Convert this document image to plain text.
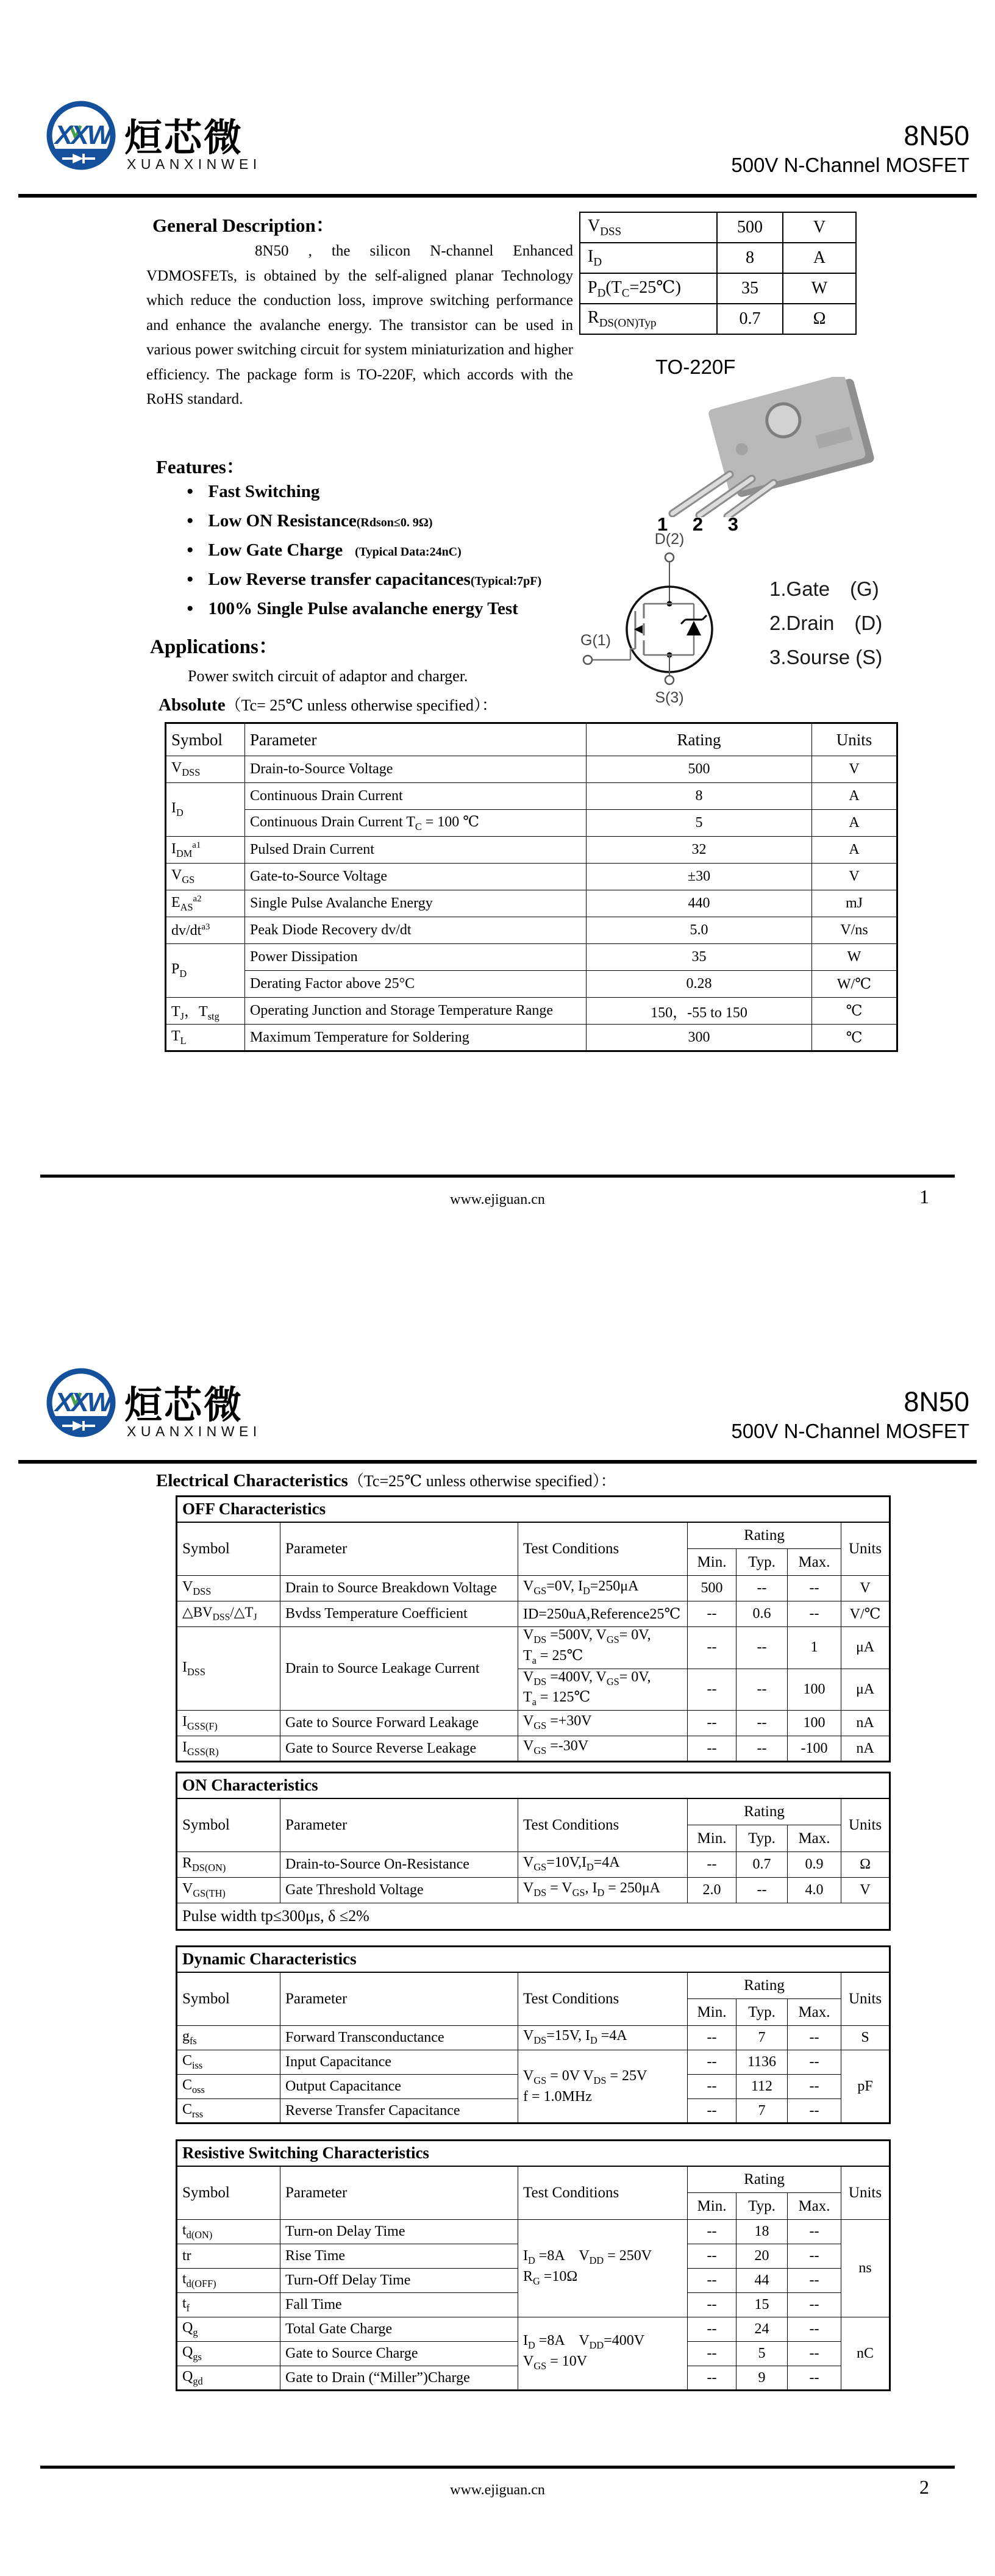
XXW 烜芯微
XUANXINWEI
8N50
500V N-Channel MOSFET
General Description：
8N50 , the silicon N-channel Enhanced VDMOSFETs, is obtained by the self-aligned planar Technology which reduce the conduction loss, improve switching performance and enhance the avalanche energy. The transistor can be used in various power switching circuit for system miniaturization and higher efficiency. The package form is TO-220F, which accords with the RoHS standard.
Features：
● Fast Switching
● Low ON Resistance(Rdson≤0. 9Ω)
● Low Gate Charge　(Typical Data:24nC)
● Low Reverse transfer capacitances(Typical:7pF)
● 100% Single Pulse avalanche energy Test
Applications：
Power switch circuit of adaptor and charger.
$V_{DSS}$	500	V
$I_D$	8	A
$P_D(T_C=25℃)$	35	W
$R_{DS(ON)Typ}$	0.7	Ω
TO-220F
1 2 3
D(2)
G(1)
S(3)
1.Gate　(G)
2.Drain　(D)
3.Sourse (S)
Absolute（Tc= 25℃ unless otherwise specified）：
Symbol	Parameter	Rating	Units
$V_{DSS}$	Drain-to-Source Voltage	500	V
$I_D$	Continuous Drain Current	8	A
	Continuous Drain Current $T_C = 100$ ℃	5	A
$I_{DM}^{a1}$	Pulsed Drain Current	32	A
$V_{GS}$	Gate-to-Source Voltage	±30	V
$E_{AS}^{a2}$	Single Pulse Avalanche Energy	440	mJ
$dv/dt^{a3}$	Peak Diode Recovery dv/dt	5.0	V/ns
$P_D$	Power Dissipation	35	W
	Derating Factor above 25°C	0.28	W/℃
$T_J$，$T_{stg}$	Operating Junction and Storage Temperature Range	150，-55 to 150	℃
$T_L$	Maximum Temperature for Soldering	300	℃
www.ejiguan.cn	1
XXW 烜芯微
XUANXINWEI
8N50
500V N-Channel MOSFET
Electrical Characteristics（Tc=25℃ unless otherwise specified）：
OFF Characteristics						
Symbol	Parameter	Test Conditions	Rating			Units
			Min.	Typ.	Max.	
$V_{DSS}$	Drain to Source Breakdown Voltage	$V_{GS}=0V$, $I_D=250\mu A$	500	--	--	V
$\triangle BV_{DSS}/\triangle T_J$	Bvdss Temperature Coefficient	ID=250uA,Reference25℃	--	0.6	--	V/℃
$I_{DSS}$	Drain to Source Leakage Current	$V_{DS} =500V$, $V_{GS}= 0V$,
$T_a$ = 25℃	--	--	1	μA
		$V_{DS} =400V$, $V_{GS}= 0V$,
$T_a$ = 125℃	--	--	100	μA
$I_{GSS(F)}$	Gate to Source Forward Leakage	$V_{GS} =+30V$	--	--	100	nA
$I_{GSS(R)}$	Gate to Source Reverse Leakage	$V_{GS} =-30V$	--	--	-100	nA
ON Characteristics						
Symbol	Parameter	Test Conditions	Rating			Units
			Min.	Typ.	Max.	
$R_{DS(ON)}$	Drain-to-Source On-Resistance	$V_{GS}=10V,I_D=4A$	--	0.7	0.9	Ω
$V_{GS(TH)}$	Gate Threshold Voltage	$V_{DS} = V_{GS}$, $I_D = 250\mu A$	2.0	--	4.0	V
Pulse width tp≤300μs, δ ≤2%						
Dynamic Characteristics						
Symbol	Parameter	Test Conditions	Rating			Units
			Min.	Typ.	Max.	
$g_{fs}$	Forward Transconductance	$V_{DS}=15V$, $I_D =4A$	--	7	--	S
$C_{iss}$	Input Capacitance	$V_{GS} = 0V$ $V_{DS} = 25V$
f = 1.0MHz	--	1136	--	pF
$C_{oss}$	Output Capacitance		--	112	--	
$C_{rss}$	Reverse Transfer Capacitance		--	7	--	
Resistive Switching Characteristics						
Symbol	Parameter	Test Conditions	Rating			Units
			Min.	Typ.	Max.	
$t_{d(ON)}$	Turn-on Delay Time	$I_D =8A$　$V_{DD} = 250V$
$R_G =10\Omega$	--	18	--	ns
tr	Rise Time		--	20	--	
$t_{d(OFF)}$	Turn-Off Delay Time		--	44	--	
$t_f$	Fall Time		--	15	--	
$Q_g$	Total Gate Charge	$I_D =8A$　$V_{DD}=400V$
$V_{GS} = 10V$	--	24	--	nC
$Q_{gs}$	Gate to Source Charge		--	5	--	
$Q_{gd}$	Gate to Drain (“Miller”)Charge		--	9	--	
www.ejiguan.cn	2
